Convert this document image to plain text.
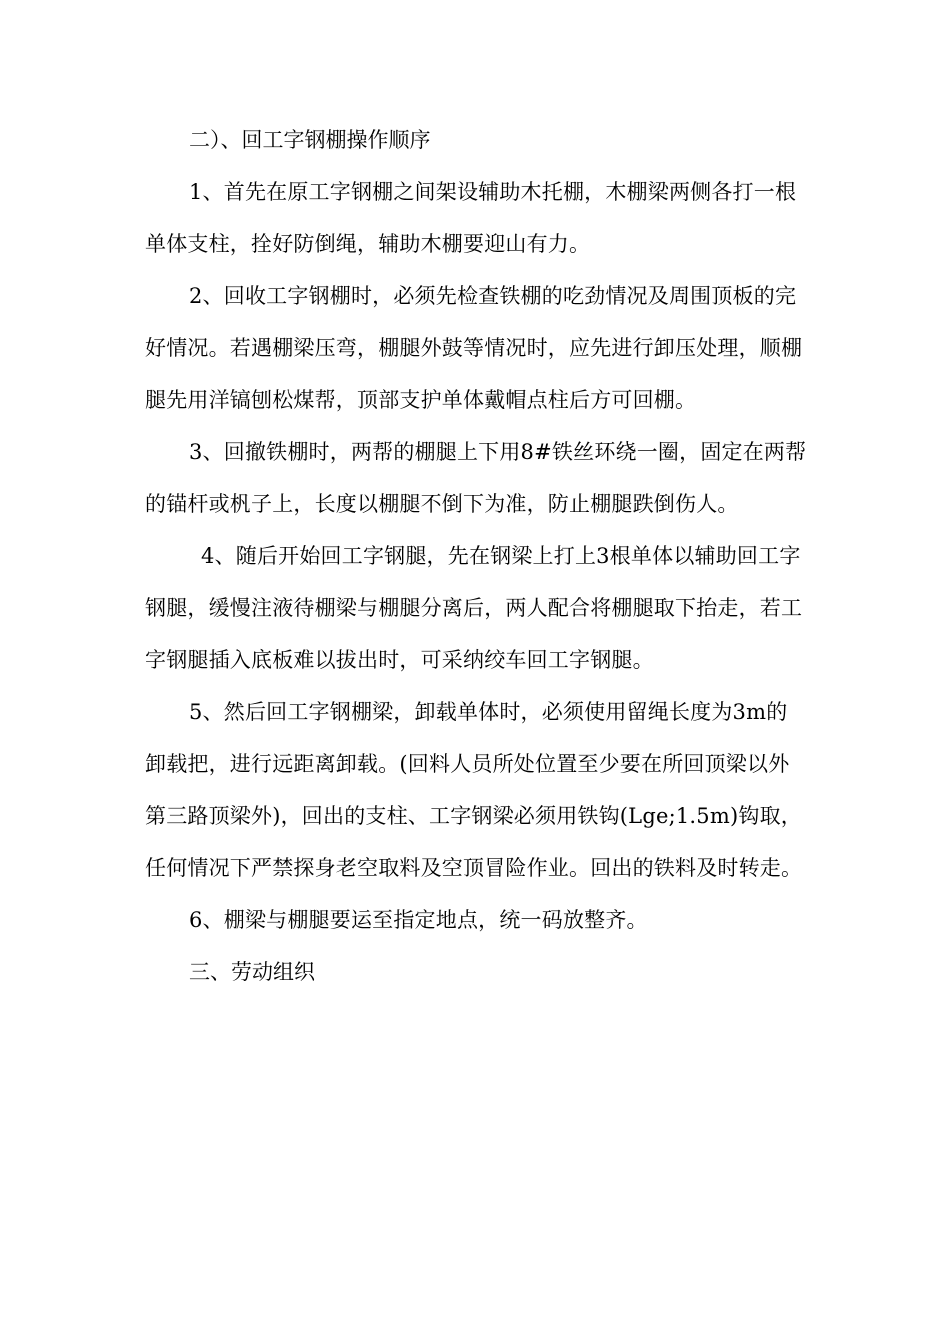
二）、回工字钢棚操作顺序

1、首先在原工字钢棚之间架设辅助木托棚，木棚梁两侧各打一根单体支柱，拴好防倒绳，辅助木棚要迎山有力。

2、回收工字钢棚时，必须先检查铁棚的吃劲情况及周围顶板的完好情况。若遇棚梁压弯，棚腿外鼓等情况时，应先进行卸压处理，顺棚腿先用洋镐刨松煤帮，顶部支护单体戴帽点柱后方可回棚。

3、回撤铁棚时，两帮的棚腿上下用8#铁丝环绕一圈，固定在两帮的锚杆或杋子上，长度以棚腿不倒下为准，防止棚腿跌倒伤人。

4、随后开始回工字钢腿，先在钢梁上打上3根单体以辅助回工字钢腿，缓慢注液待棚梁与棚腿分离后，两人配合将棚腿取下抬走，若工字钢腿插入底板难以拔出时，可采纳绞车回工字钢腿。

5、然后回工字钢棚梁，卸载单体时，必须使用留绳长度为3m的卸载把，进行远距离卸载。(回料人员所处位置至少要在所回顶梁以外第三路顶梁外)，回出的支柱、工字钢梁必须用铁钩(Lge;1.5m)钩取，任何情况下严禁探身老空取料及空顶冒险作业。回出的铁料及时转走。

6、棚梁与棚腿要运至指定地点，统一码放整齐。

三、劳动组织
